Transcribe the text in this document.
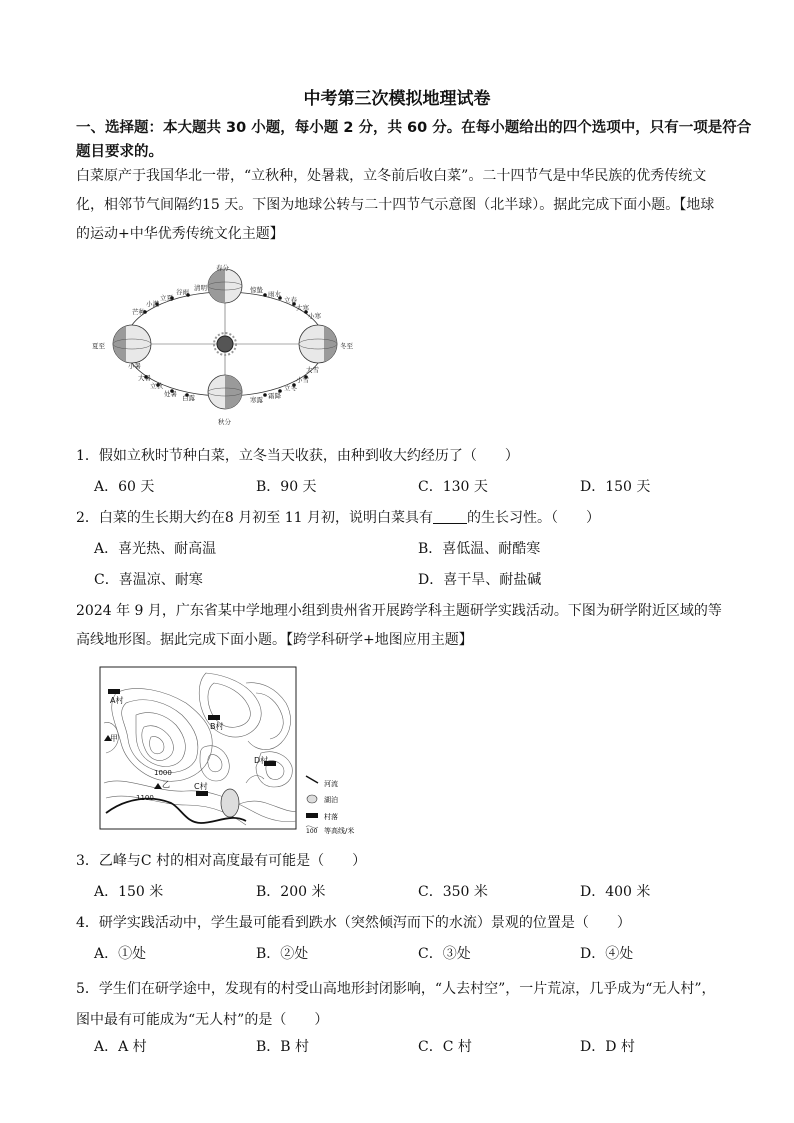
中考第三次模拟地理试卷
一、选择题：本大题共 30 小题，每小题 2 分，共 60 分。在每小题给出的四个选项中，只有一项是符合题目要求的。
白菜原产于我国华北一带，“立秋种，处暑栽，立冬前后收白菜”。二十四节气是中华民族的优秀传统文
化，相邻节气间隔约15 天。下图为地球公转与二十四节气示意图（北半球）。据此完成下面小题。【地球
的运动+中华优秀传统文化主题】
春分
秋分
夏至	冬至
清明
谷雨
立夏
小满
芒种
惊蛰 雨水
立春
大寒
小寒
小暑
大暑
立秋
处暑 白露	寒露 霜降
立冬
小雪
大雪
1．假如立秋时节种白菜，立冬当天收获，由种到收大约经历了（　　）
A．60 天	B．90 天	C．130 天	D．150 天
2．白菜的生长期大约在8 月初至 11 月初，说明白菜具有 的生长习性。（　　）
A．喜光热、耐高温	B．喜低温、耐酷寒
C．喜温凉、耐寒	D．喜干旱、耐盐碱
2024 年 9 月，广东省某中学地理小组到贵州省开展跨学科主题研学实践活动。下图为研学附近区域的等
高线地形图。据此完成下面小题。【跨学科研学+地图应用主题】
A村
B村
C村
D村
甲
乙
1000
1100
河流
湖泊
村落
100 等高线/米
3．乙峰与C 村的相对高度最有可能是（　　）
A．150 米	B．200 米	C．350 米	D．400 米
4．研学实践活动中，学生最可能看到跌水（突然倾泻而下的水流）景观的位置是（　　）
A．①处	B．②处	C．③处	D．④处
5．学生们在研学途中，发现有的村受山高地形封闭影响，“人去村空”，一片荒凉，几乎成为“无人村”，
图中最有可能成为“无人村”的是（　　）
A．A 村	B．B 村	C．C 村	D．D 村
